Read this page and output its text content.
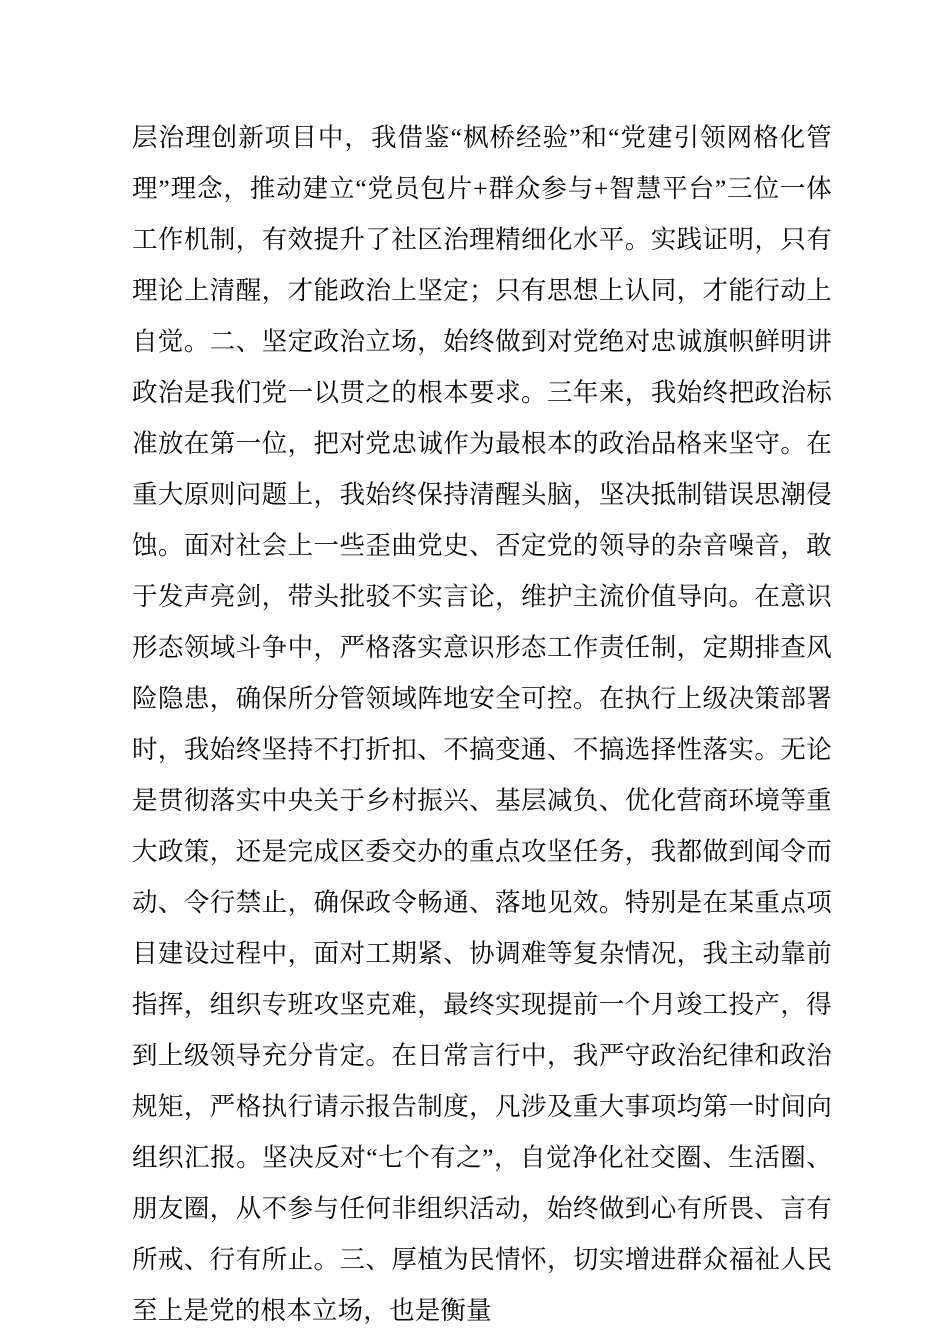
层治理创新项目中，我借鉴“枫桥经验”和“党建引领网格化管理”理念，推动建立“党员包片+群众参与+智慧平台”三位一体工作机制，有效提升了社区治理精细化水平。实践证明，只有理论上清醒，才能政治上坚定；只有思想上认同，才能行动上自觉。二、坚定政治立场，始终做到对党绝对忠诚旗帜鲜明讲政治是我们党一以贯之的根本要求。三年来，我始终把政治标准放在第一位，把对党忠诚作为最根本的政治品格来坚守。在重大原则问题上，我始终保持清醒头脑，坚决抵制错误思潮侵蚀。面对社会上一些歪曲党史、否定党的领导的杂音噪音，敢于发声亮剑，带头批驳不实言论，维护主流价值导向。在意识形态领域斗争中，严格落实意识形态工作责任制，定期排查风险隐患，确保所分管领域阵地安全可控。在执行上级决策部署时，我始终坚持不打折扣、不搞变通、不搞选择性落实。无论是贯彻落实中央关于乡村振兴、基层减负、优化营商环境等重大政策，还是完成区委交办的重点攻坚任务，我都做到闻令而动、令行禁止，确保政令畅通、落地见效。特别是在某重点项目建设过程中，面对工期紧、协调难等复杂情况，我主动靠前指挥，组织专班攻坚克难，最终实现提前一个月竣工投产，得到上级领导充分肯定。在日常言行中，我严守政治纪律和政治规矩，严格执行请示报告制度，凡涉及重大事项均第一时间向组织汇报。坚决反对“七个有之”，自觉净化社交圈、生活圈、朋友圈，从不参与任何非组织活动，始终做到心有所畏、言有所戒、行有所止。三、厚植为民情怀，切实增进群众福祉人民至上是党的根本立场，也是衡量
